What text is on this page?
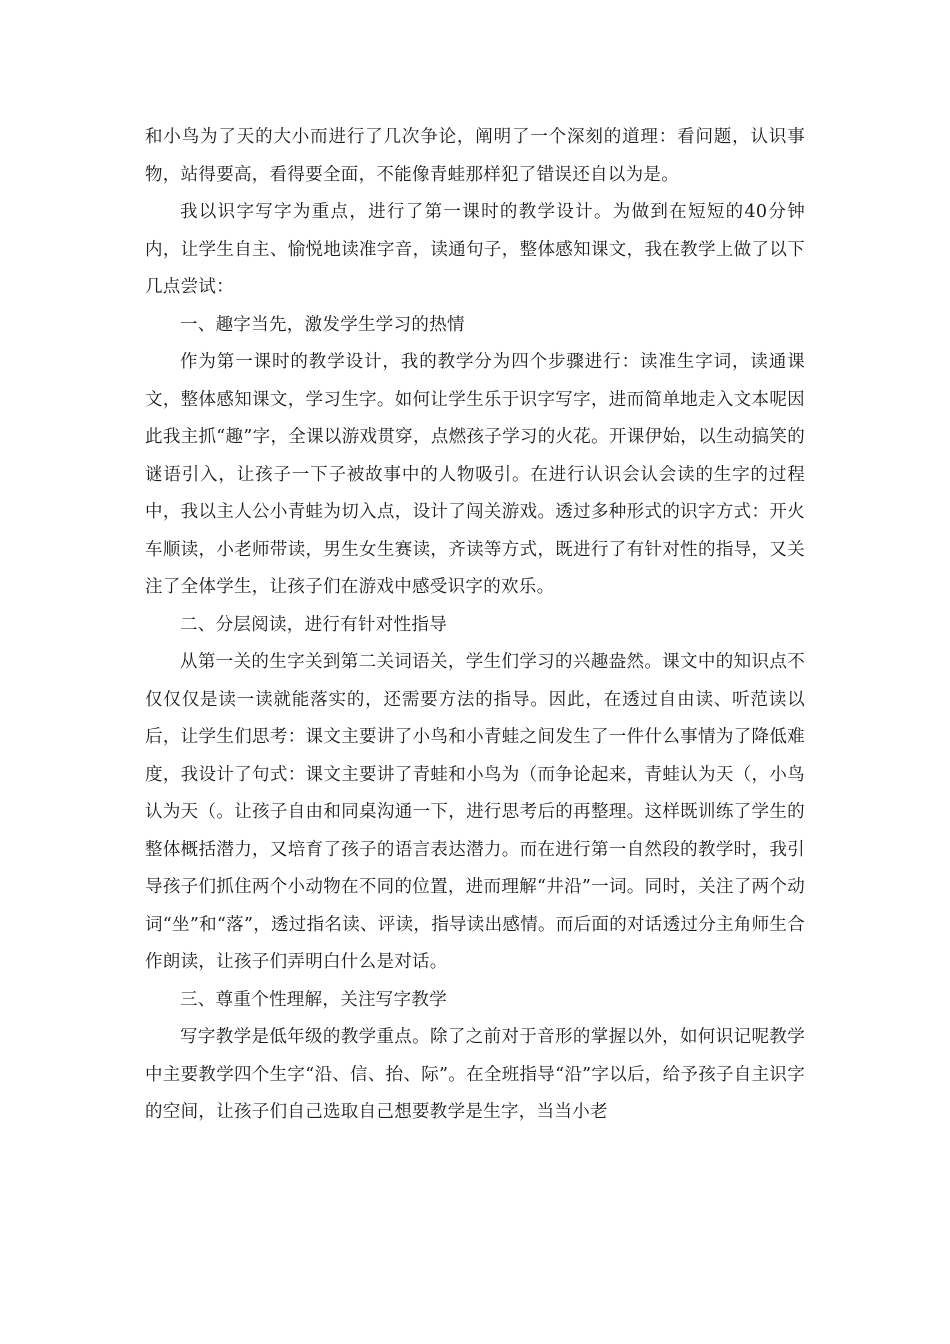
和小鸟为了天的大小而进行了几次争论，阐明了一个深刻的道理：看问题，认识事物，站得要高，看得要全面，不能像青蛙那样犯了错误还自以为是。

我以识字写字为重点，进行了第一课时的教学设计。为做到在短短的40分钟内，让学生自主、愉悦地读准字音，读通句子，整体感知课文，我在教学上做了以下几点尝试：

一、趣字当先，激发学生学习的热情

作为第一课时的教学设计，我的教学分为四个步骤进行：读准生字词，读通课文，整体感知课文，学习生字。如何让学生乐于识字写字，进而简单地走入文本呢因此我主抓“趣”字，全课以游戏贯穿，点燃孩子学习的火花。开课伊始，以生动搞笑的谜语引入，让孩子一下子被故事中的人物吸引。在进行认识会认会读的生字的过程中，我以主人公小青蛙为切入点，设计了闯关游戏。透过多种形式的识字方式：开火车顺读，小老师带读，男生女生赛读，齐读等方式，既进行了有针对性的指导，又关注了全体学生，让孩子们在游戏中感受识字的欢乐。

二、分层阅读，进行有针对性指导

从第一关的生字关到第二关词语关，学生们学习的兴趣盎然。课文中的知识点不仅仅仅是读一读就能落实的，还需要方法的指导。因此，在透过自由读、听范读以后，让学生们思考：课文主要讲了小鸟和小青蛙之间发生了一件什么事情为了降低难度，我设计了句式：课文主要讲了青蛙和小鸟为（而争论起来，青蛙认为天（，小鸟认为天（。让孩子自由和同桌沟通一下，进行思考后的再整理。这样既训练了学生的整体概括潜力，又培育了孩子的语言表达潜力。而在进行第一自然段的教学时，我引导孩子们抓住两个小动物在不同的位置，进而理解“井沿”一词。同时，关注了两个动词“坐”和“落”，透过指名读、评读，指导读出感情。而后面的对话透过分主角师生合作朗读，让孩子们弄明白什么是对话。

三、尊重个性理解，关注写字教学

写字教学是低年级的教学重点。除了之前对于音形的掌握以外，如何识记呢教学中主要教学四个生字“沿、信、抬、际”。在全班指导“沿”字以后，给予孩子自主识字的空间，让孩子们自己选取自己想要教学是生字，当当小老
